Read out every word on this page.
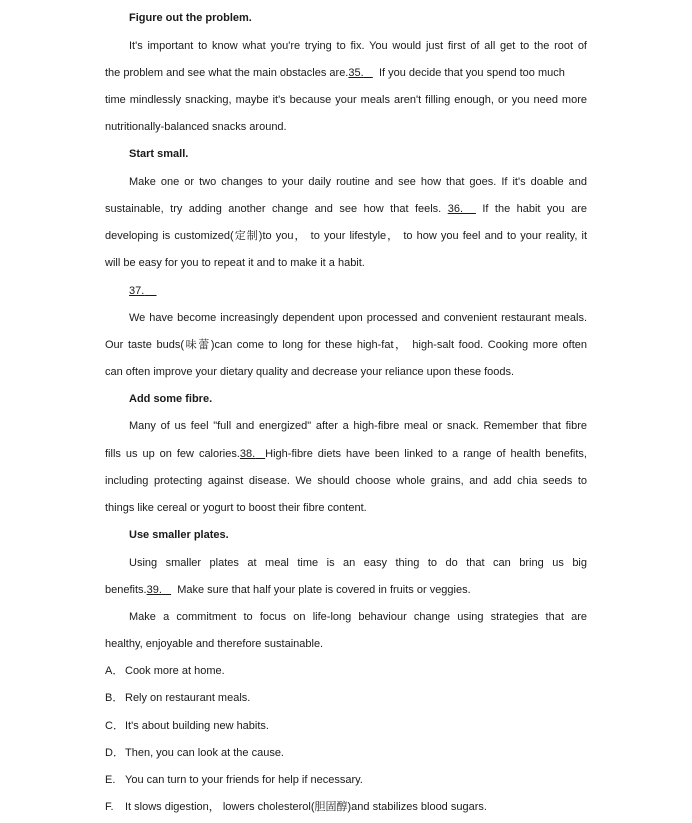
Figure out the problem.
It's important to know what you're trying to fix. You would just first of all get to the root of
the problem and see what the main obstacles are.35. If you decide that you spend too much
time mindlessly snacking, maybe it's because your meals aren't filling enough, or you need more
nutritionally-balanced snacks around.
Start small.
Make one or two changes to your daily routine and see how that goes. If it's doable and
sustainable, try adding another change and see how that feels. 36. If the habit you are
developing is customized(定制)to you， to your lifestyle， to how you feel and to your reality, it
will be easy for you to repeat it and to make it a habit.
37.
We have become increasingly dependent upon processed and convenient restaurant meals.
Our taste buds(味蕾)can come to long for these high-fat， high-salt food. Cooking more often
can often improve your dietary quality and decrease your reliance upon these foods.
Add some fibre.
Many of us feel "full and energized" after a high-fibre meal or snack. Remember that fibre
fills us up on few calories.38. High-fibre diets have been linked to a range of health benefits,
including protecting against disease. We should choose whole grains, and add chia seeds to
things like cereal or yogurt to boost their fibre content.
Use smaller plates.
Using smaller plates at meal time is an easy thing to do that can bring us big
benefits.39. Make sure that half your plate is covered in fruits or veggies.
Make a commitment to focus on life-long behaviour change using strategies that are
healthy, enjoyable and therefore sustainable.
A． Cook more at home.
B． Rely on restaurant meals.
C．It's about building new habits.
D．Then, you can look at the cause.
E. You can turn to your friends for help if necessary.
F. It slows digestion， lowers cholesterol(胆固醇)and stabilizes blood sugars.
